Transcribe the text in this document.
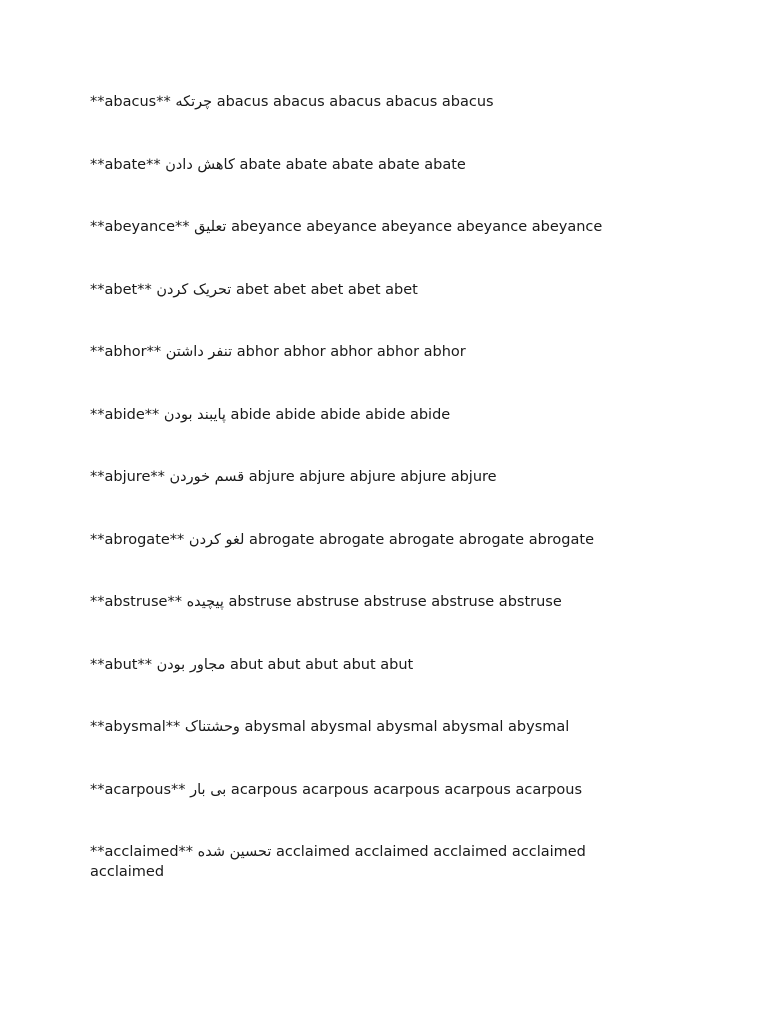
**abacus** چرتکه abacus abacus abacus abacus abacus

**abate** کاهش دادن abate abate abate abate abate

**abeyance** تعلیق abeyance abeyance abeyance abeyance abeyance

**abet** تحریک کردن abet abet abet abet abet

**abhor** تنفر داشتن abhor abhor abhor abhor abhor

**abide** پایبند بودن abide abide abide abide abide

**abjure** قسم خوردن abjure abjure abjure abjure abjure

**abrogate** لغو کردن abrogate abrogate abrogate abrogate abrogate

**abstruse** پیچیده abstruse abstruse abstruse abstruse abstruse

**abut** مجاور بودن abut abut abut abut abut

**abysmal** وحشتناک abysmal abysmal abysmal abysmal abysmal

**acarpous** بی بار acarpous acarpous acarpous acarpous acarpous

**acclaimed** تحسین شده acclaimed acclaimed acclaimed acclaimed acclaimed
